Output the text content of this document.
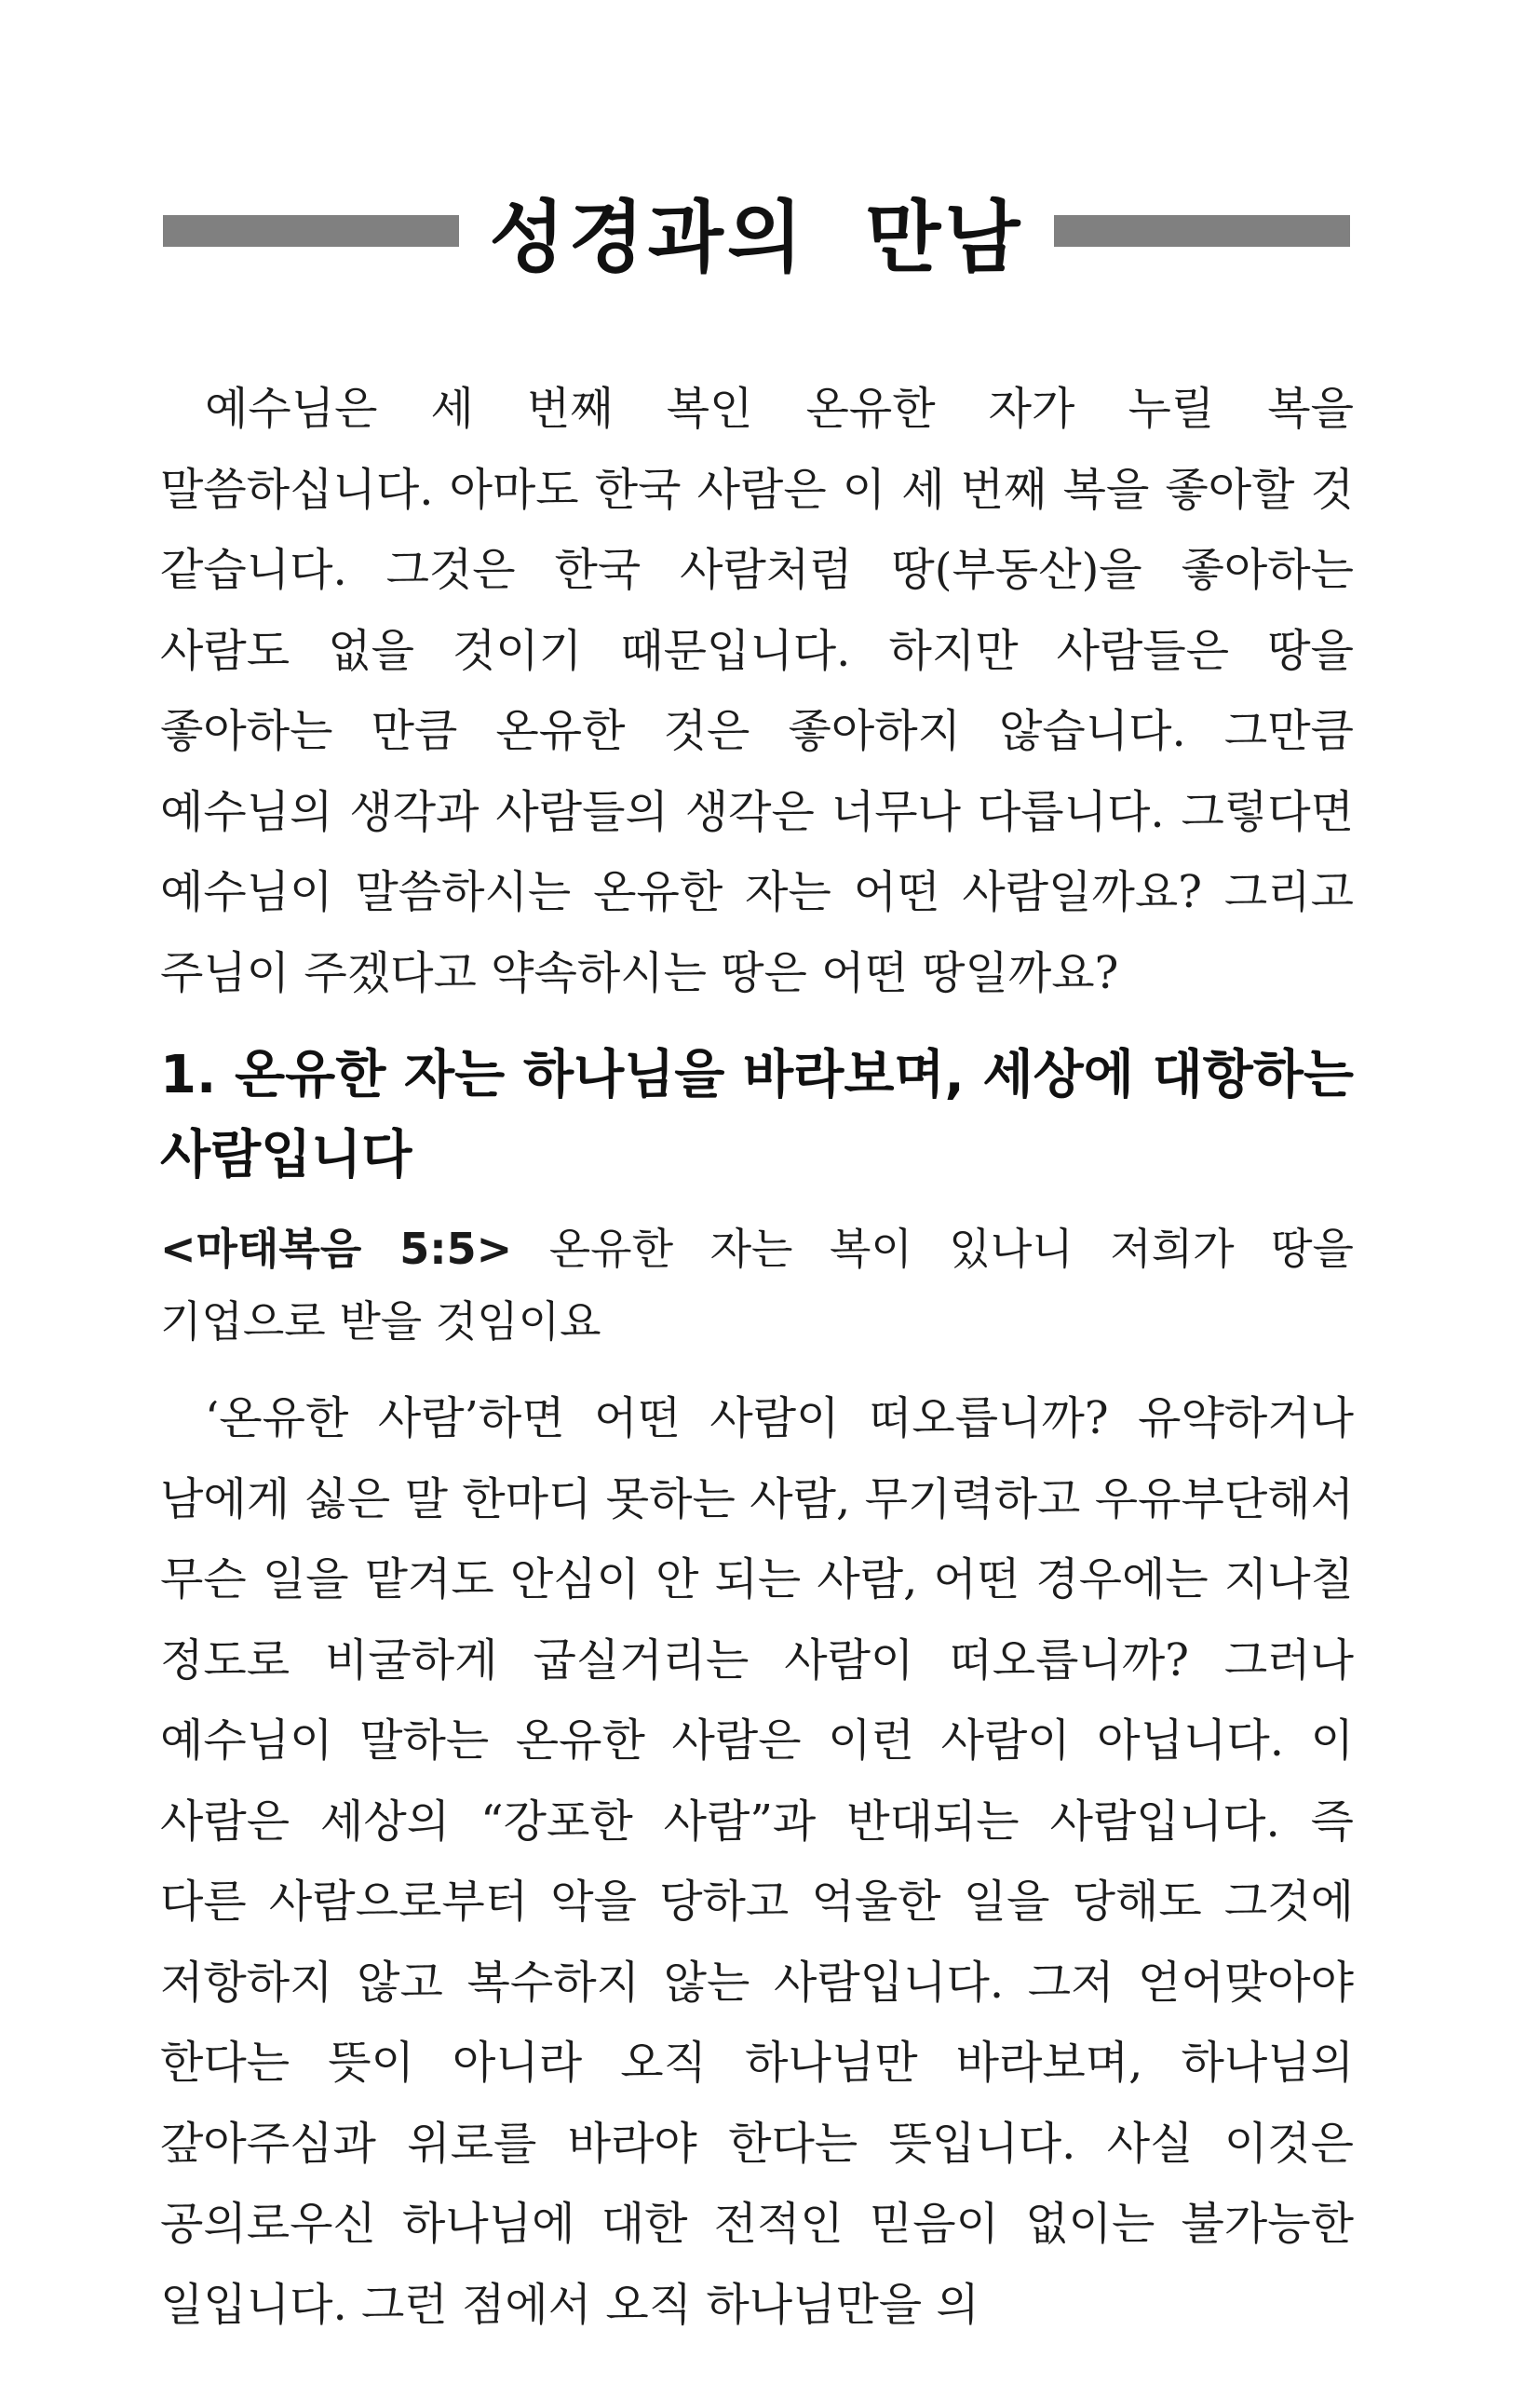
성경과의 만남
예수님은 세 번째 복인 온유한 자가 누릴 복을 말씀하십니다. 아마도 한국 사람은 이 세 번째 복을 좋아할 것 같습니다. 그것은 한국 사람처럼 땅(부동산)을 좋아하는 사람도 없을 것이기 때문입니다. 하지만 사람들은 땅을 좋아하는 만큼 온유한 것은 좋아하지 않습니다. 그만큼 예수님의 생각과 사람들의 생각은 너무나 다릅니다. 그렇다면 예수님이 말씀하시는 온유한 자는 어떤 사람일까요? 그리고 주님이 주겠다고 약속하시는 땅은 어떤 땅일까요?
1. 온유한 자는 하나님을 바라보며, 세상에 대항하는 사람입니다
<마태복음 5:5> 온유한 자는 복이 있나니 저희가 땅을 기업으로 받을 것임이요
‘온유한 사람’하면 어떤 사람이 떠오릅니까? 유약하거나 남에게 싫은 말 한마디 못하는 사람, 무기력하고 우유부단해서 무슨 일을 맡겨도 안심이 안 되는 사람, 어떤 경우에는 지나칠 정도로 비굴하게 굽실거리는 사람이 떠오릅니까? 그러나 예수님이 말하는 온유한 사람은 이런 사람이 아닙니다. 이 사람은 세상의 “강포한 사람”과 반대되는 사람입니다. 즉 다른 사람으로부터 악을 당하고 억울한 일을 당해도 그것에 저항하지 않고 복수하지 않는 사람입니다. 그저 얻어맞아야 한다는 뜻이 아니라 오직 하나님만 바라보며, 하나님의 갚아주심과 위로를 바라야 한다는 뜻입니다. 사실 이것은 공의로우신 하나님에 대한 전적인 믿음이 없이는 불가능한 일입니다. 그런 점에서 오직 하나님만을 의
